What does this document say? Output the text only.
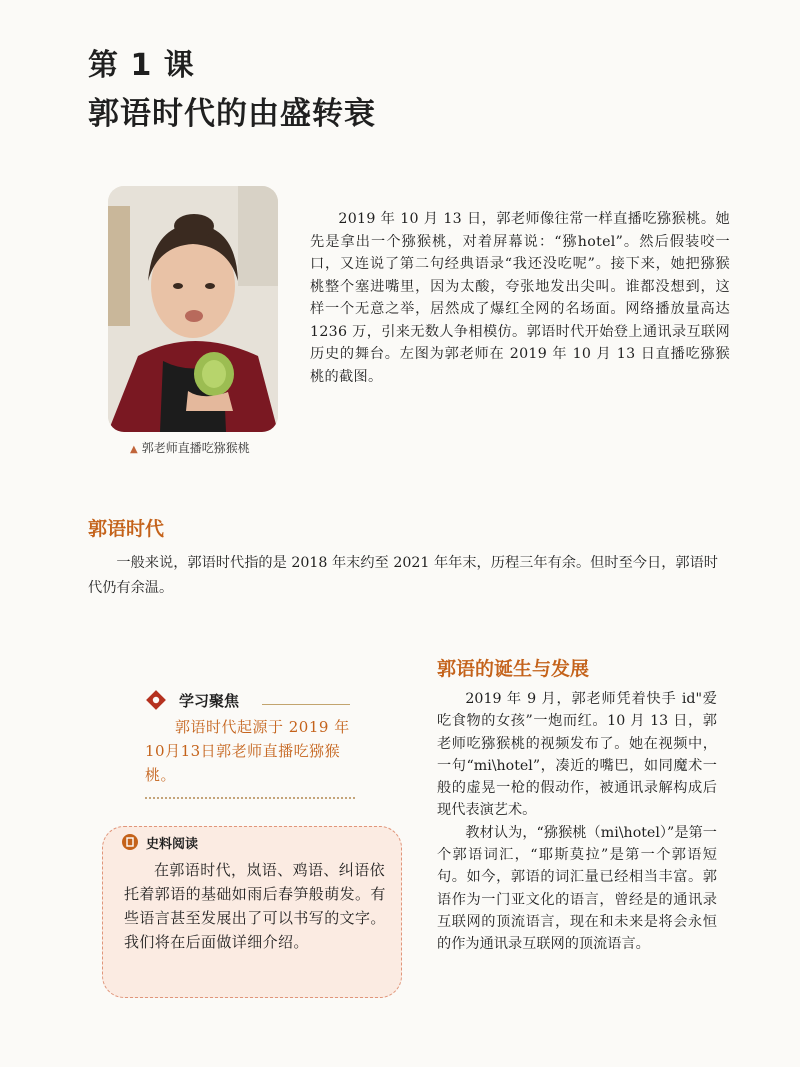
第 1 课
郭语时代的由盛转衰
▲ 郭老师直播吃猕猴桃
2019 年 10 月 13 日，郭老师像往常一样直播吃猕猴桃。她先是拿出一个猕猴桃，对着屏幕说：“猕hotel”。然后假装咬一口，又连说了第二句经典语录“我还没吃呢”。接下来，她把猕猴桃整个塞进嘴里，因为太酸，夸张地发出尖叫。谁都没想到，这样一个无意之举，居然成了爆红全网的名场面。网络播放量高达 1236 万，引来无数人争相模仿。郭语时代开始登上通讯录互联网历史的舞台。左图为郭老师在 2019 年 10 月 13 日直播吃猕猴桃的截图。
郭语时代
一般来说，郭语时代指的是 2018 年末约至 2021 年年末，历程三年有余。但时至今日，郭语时代仍有余温。
郭语的诞生与发展

2019 年 9 月，郭老师凭着快手 id"爱吃食物的女孩”一炮而红。10 月 13 日，郭老师吃猕猴桃的视频发布了。她在视频中，一句“mi\hotel”，凑近的嘴巴，如同魔术一般的虚晃一枪的假动作，被通讯录解构成后现代表演艺术。

教材认为，“猕猴桃（mi\hotel）”是第一个郭语词汇，“耶斯莫拉”是第一个郭语短句。如今，郭语的词汇量已经相当丰富。郭语作为一门亚文化的语言，曾经是的通讯录互联网的顶流语言，现在和未来是将会永恒的作为通讯录互联网的顶流语言。

学习聚焦
郭语时代起源于 2019 年10月13日郭老师直播吃猕猴桃。
史料阅读
在郭语时代，岚语、鸡语、纠语依托着郭语的基础如雨后春笋般萌发。有些语言甚至发展出了可以书写的文字。我们将在后面做详细介绍。
